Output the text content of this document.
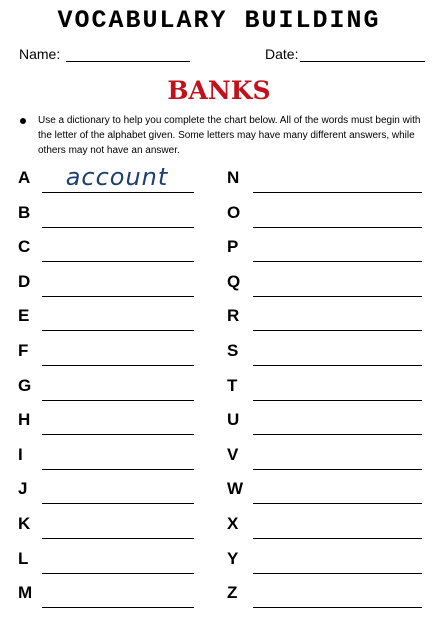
VOCABULARY BUILDING
Name:	Date:
BANKS
Use a dictionary to help you complete the chart below. All of the words must begin with the letter of the alphabet given. Some letters may have many different answers, while others may not have an answer.
A
B
C
D
E
F
G
H
I
J
K
L
M
N
O
P
Q
R
S
T
U
V
W
X
Y
Z
account
